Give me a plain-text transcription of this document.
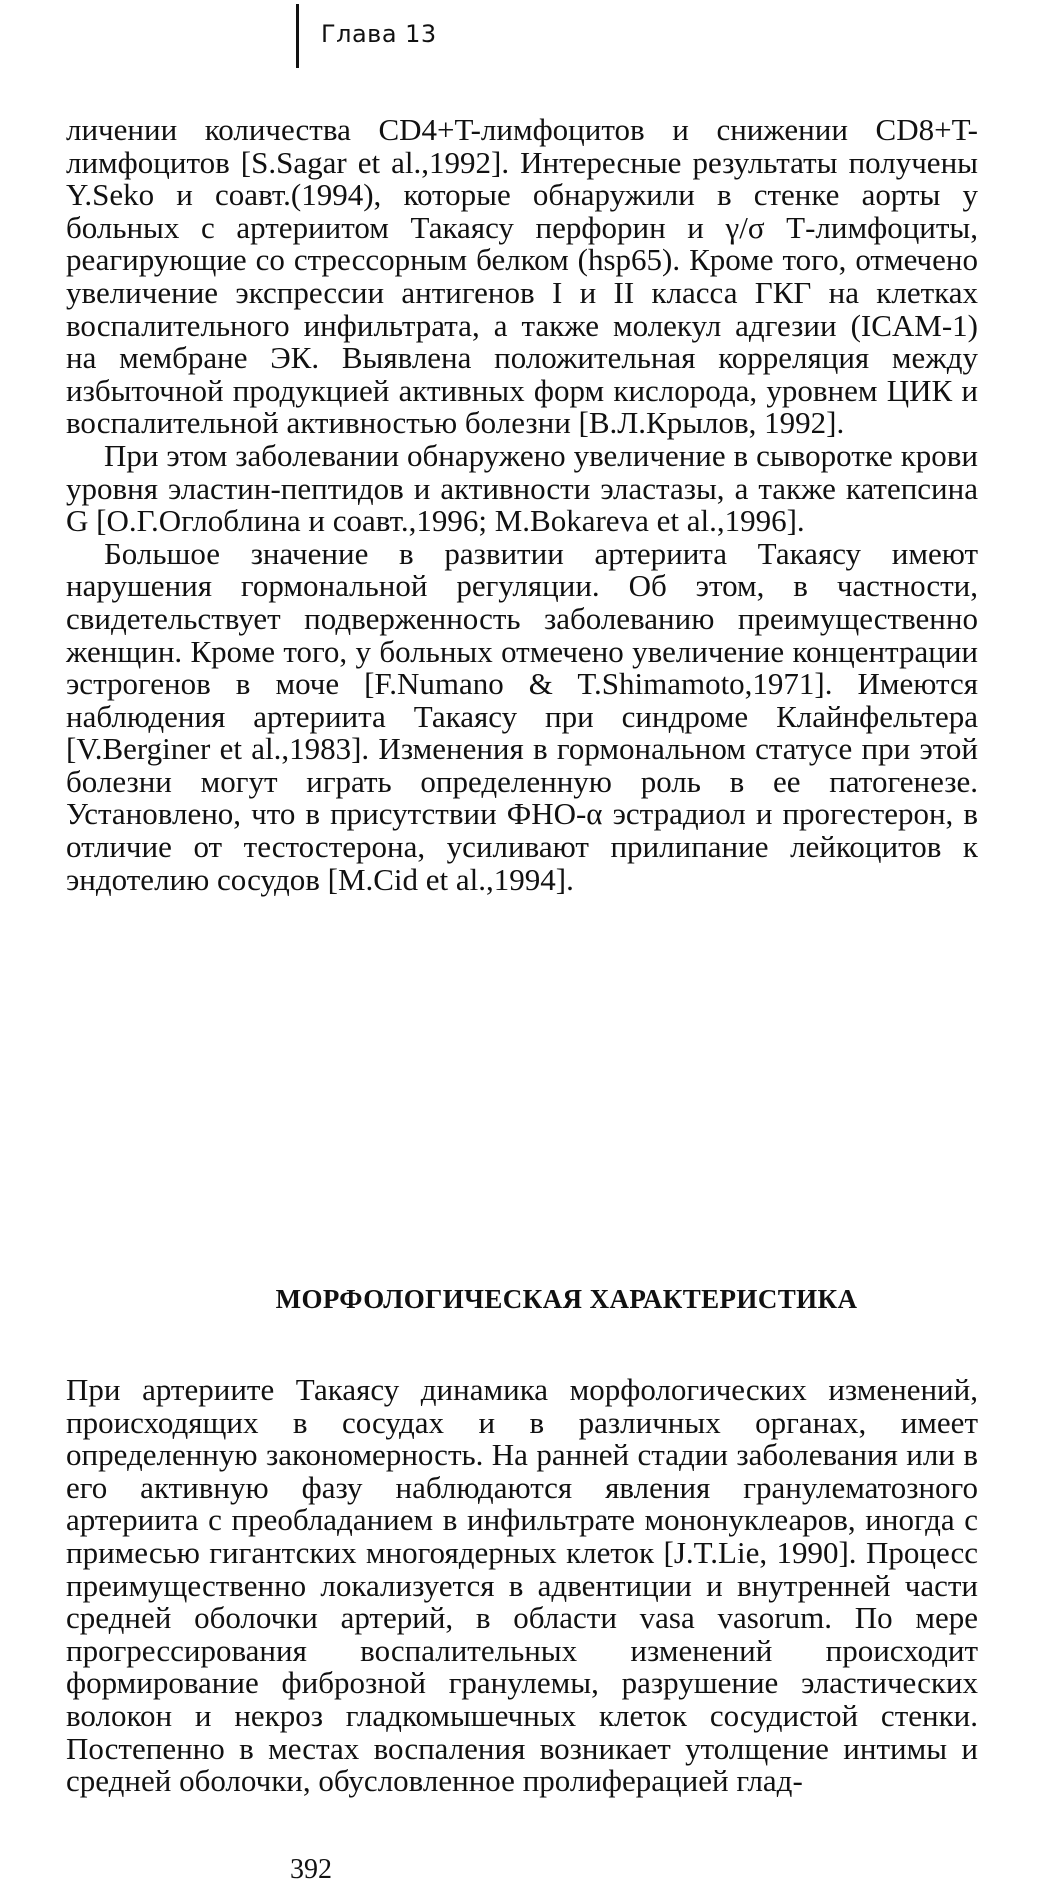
Глава 13

личении количества CD4+T-лимфоцитов и снижении CD8+T-лимфоцитов [S.Sagar et al.,1992]. Интересные результаты получены Y.Seko и соавт.(1994), которые обнаружили в стенке аорты у больных с артериитом Такаясу перфорин и γ/σ Т-лимфоциты, реагирующие со стрессорным белком (hsp65). Кроме того, отмечено увеличение экспрессии антигенов I и II класса ГКГ на клетках воспалительного инфильтрата, а также молекул адгезии (ICAM-1) на мембране ЭК. Выявлена положительная корреляция между избыточной продукцией активных форм кислорода, уровнем ЦИК и воспалительной активностью болезни [В.Л.Крылов, 1992].

При этом заболевании обнаружено увеличение в сыворотке крови уровня эластин-пептидов и активности эластазы, а также катепсина G [О.Г.Оглоблина и соавт.,1996; M.Bokareva et al.,1996].

Большое значение в развитии артериита Такаясу имеют нарушения гормональной регуляции. Об этом, в частности, свидетельствует подверженность заболеванию преимущественно женщин. Кроме того, у больных отмечено увеличение концентрации эстрогенов в моче [F.Numano & T.Shimamoto,1971]. Имеются наблюдения артериита Такаясу при синдроме Клайнфельтера [V.Berginer et al.,1983]. Изменения в гормональном статусе при этой болезни могут играть определенную роль в ее патогенезе. Установлено, что в присутствии ФНО-α эстрадиол и прогестерон, в отличие от тестостерона, усиливают прилипание лейкоцитов к эндотелию сосудов [M.Cid et al.,1994].

МОРФОЛОГИЧЕСКАЯ ХАРАКТЕРИСТИКА

При артериите Такаясу динамика морфологических изменений, происходящих в сосудах и в различных органах, имеет определенную закономерность. На ранней стадии заболевания или в его активную фазу наблюдаются явления гранулематозного артериита с преобладанием в инфильтрате мононуклеаров, иногда с примесью гигантских многоядерных клеток [J.T.Lie, 1990]. Процесс преимущественно локализуется в адвентиции и внутренней части средней оболочки артерий, в области vasa vasorum. По мере прогрессирования воспалительных изменений происходит формирование фиброзной гранулемы, разрушение эластических волокон и некроз гладкомышечных клеток сосудистой стенки. Постепенно в местах воспаления возникает утолщение интимы и средней оболочки, обусловленное пролиферацией глад-

392
